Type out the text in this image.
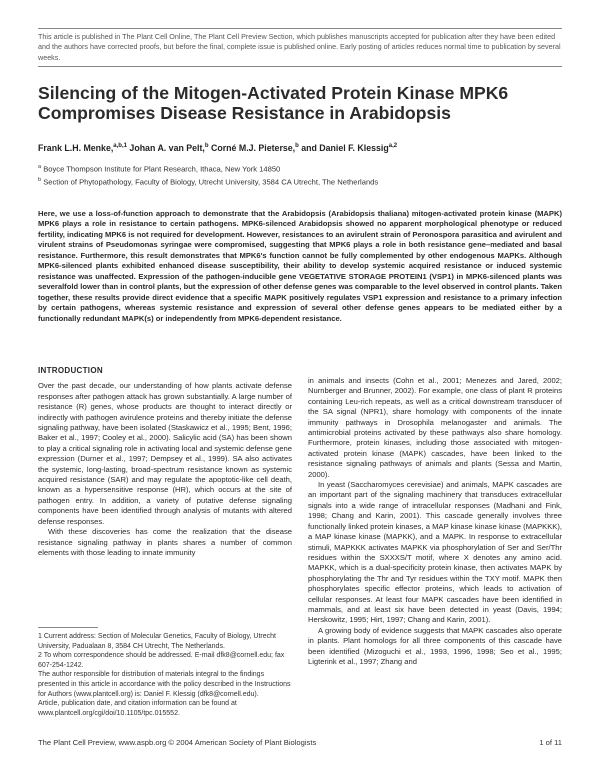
This article is published in The Plant Cell Online, The Plant Cell Preview Section, which publishes manuscripts accepted for publication after they have been edited and the authors have corrected proofs, but before the final, complete issue is published online. Early posting of articles reduces normal time to publication by several weeks.
Silencing of the Mitogen-Activated Protein Kinase MPK6 Compromises Disease Resistance in Arabidopsis
Frank L.H. Menke,$^{a,b,1}$ Johan A. van Pelt,$^b$ Corné M.J. Pieterse,$^b$ and Daniel F. Klessig$^{a,2}$
$^a$ Boyce Thompson Institute for Plant Research, Ithaca, New York 14850
$^b$ Section of Phytopathology, Faculty of Biology, Utrecht University, 3584 CA Utrecht, The Netherlands

Here, we use a loss-of-function approach to demonstrate that the Arabidopsis (Arabidopsis thaliana) mitogen-activated protein kinase (MAPK) MPK6 plays a role in resistance to certain pathogens. MPK6-silenced Arabidopsis showed no apparent morphological phenotype or reduced fertility, indicating MPK6 is not required for development. However, resistances to an avirulent strain of Peronospora parasitica and avirulent and virulent strains of Pseudomonas syringae were compromised, suggesting that MPK6 plays a role in both resistance gene–mediated and basal resistance. Furthermore, this result demonstrates that MPK6's function cannot be fully complemented by other endogenous MAPKs. Although MPK6-silenced plants exhibited enhanced disease susceptibility, their ability to develop systemic acquired resistance or induced systemic resistance was unaffected. Expression of the pathogen-inducible gene VEGETATIVE STORAGE PROTEIN1 (VSP1) in MPK6-silenced plants was severalfold lower than in control plants, but the expression of other defense genes was comparable to the level observed in control plants. Taken together, these results provide direct evidence that a specific MAPK positively regulates VSP1 expression and resistance to a primary infection by certain pathogens, whereas systemic resistance and expression of several other defense genes appears to be mediated either by a functionally redundant MAPK(s) or independently from MPK6-dependent resistance.

INTRODUCTION

Over the past decade, our understanding of how plants activate defense responses after pathogen attack has grown substantially. A large number of resistance (R) genes, whose products are thought to interact directly or indirectly with pathogen avirulence proteins and thereby initiate the defense signaling pathway, have been isolated (Staskawicz et al., 1995; Bent, 1996; Baker et al., 1997; Cooley et al., 2000). Salicylic acid (SA) has been shown to play a critical signaling role in activating local and systemic defense gene expression (Durner et al., 1997; Dempsey et al., 1999). SA also activates the systemic, long-lasting, broad-spectrum resistance known as systemic acquired resistance (SAR) and may regulate the apoptotic-like cell death, known as a hypersensitive response (HR), which occurs at the site of pathogen entry. In addition, a variety of putative defense signaling components have been identified through analysis of mutants with altered defense responses.

With these discoveries has come the realization that the disease resistance signaling pathway in plants shares a number of common elements with those leading to innate immunity

1 Current address: Section of Molecular Genetics, Faculty of Biology, Utrecht University, Padualaan 8, 3584 CH Utrecht, The Netherlands.
2 To whom correspondence should be addressed. E-mail dfk8@cornell.edu; fax 607-254-1242.
The author responsible for distribution of materials integral to the findings presented in this article in accordance with the policy described in the Instructions for Authors (www.plantcell.org) is: Daniel F. Klessig (dfk8@cornell.edu).
Article, publication date, and citation information can be found at www.plantcell.org/cgi/doi/10.1105/tpc.015552.

in animals and insects (Cohn et al., 2001; Menezes and Jared, 2002; Nurnberger and Brunner, 2002). For example, one class of plant R proteins containing Leu-rich repeats, as well as a critical downstream transducer of the SA signal (NPR1), share homology with components of the innate immunity pathways in Drosophila melanogaster and animals. The antimicrobial proteins activated by these pathways also share homology. Furthermore, protein kinases, including those associated with mitogen-activated protein kinase (MAPK) cascades, have been linked to the resistance signaling pathways of animals and plants (Sessa and Martin, 2000).

In yeast (Saccharomyces cerevisiae) and animals, MAPK cascades are an important part of the signaling machinery that transduces extracellular signals into a wide range of intracellular responses (Madhani and Fink, 1998; Chang and Karin, 2001). This cascade generally involves three functionally linked protein kinases, a MAP kinase kinase kinase (MAPKKK), a MAP kinase kinase (MAPKK), and a MAPK. In response to extracellular stimuli, MAPKKK activates MAPKK via phosphorylation of Ser and Ser/Thr residues within the SXXXS/T motif, where X denotes any amino acid. MAPKK, which is a dual-specificity protein kinase, then activates MAPK by phosphorylating the Thr and Tyr residues within the TXY motif. MAPK then phosphorylates specific effector proteins, which leads to activation of cellular responses. At least four MAPK cascades have been identified in mammals, and at least six have been detected in yeast (Davis, 1994; Herskowitz, 1995; Hirt, 1997; Chang and Karin, 2001).

A growing body of evidence suggests that MAPK cascades also operate in plants. Plant homologs for all three components of this cascade have been identified (Mizoguchi et al., 1993, 1996, 1998; Seo et al., 1995; Ligterink et al., 1997; Zhang and

The Plant Cell Preview, www.aspb.org © 2004 American Society of Plant Biologists	1 of 11
